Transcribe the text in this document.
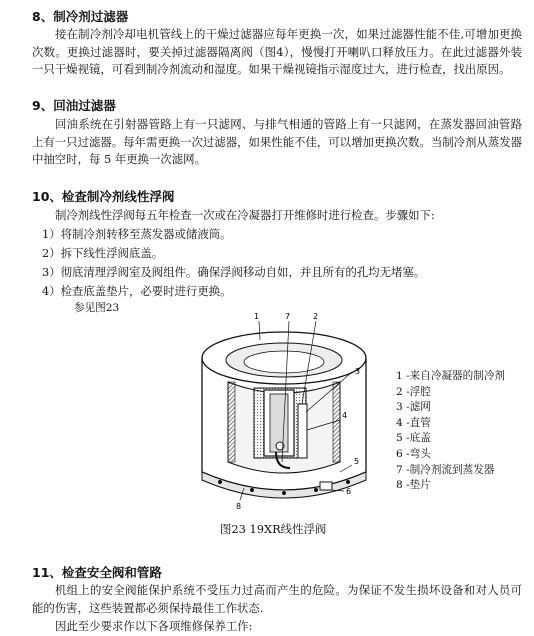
8、制冷剂过滤器
接在制冷剂冷却电机管线上的干燥过滤器应每年更换一次，如果过滤器性能不佳,可增加更换次数。更换过滤器时，要关掉过滤器隔离阀（图4），慢慢打开喇叭口释放压力。在此过滤器外装一只干燥视镜，可看到制冷剂流动和湿度。如果干燥视镜指示湿度过大，进行检查，找出原因。
9、回油过滤器
回油系统在引射器管路上有一只滤网、与排气相通的管路上有一只滤网，在蒸发器回油管路上有一只过滤器。每年需更换一次过滤器，如果性能不佳，可以增加更换次数。当制冷剂从蒸发器中抽空时，每 5 年更换一次滤网。
10、检查制冷剂线性浮阀
制冷剂线性浮阀每五年检查一次或在冷凝器打开维修时进行检查。步骤如下:
1）将制冷剂转移至蒸发器或储液筒。
2）拆下线性浮阀底盖。
3）彻底清理浮阀室及阀组件。确保浮阀移动自如，并且所有的孔均无堵塞。
4）检查底盖垫片，必要时进行更换。
参见图23
1	2
3
4
5
6
7
8
1 -来自冷凝器的制冷剂
2 -浮腔
3 -滤网
4 -直管
5 -底盖
6 -弯头
7 -制冷剂流到蒸发器
8 -垫片
图23 19XR线性浮阀
11、检查安全阀和管路
机组上的安全阀能保护系统不受压力过高而产生的危险。为保证不发生损坏设备和对人员可能的伤害，这些装置都必须保持最佳工作状态.
因此至少要求作以下各项维修保养工作:
